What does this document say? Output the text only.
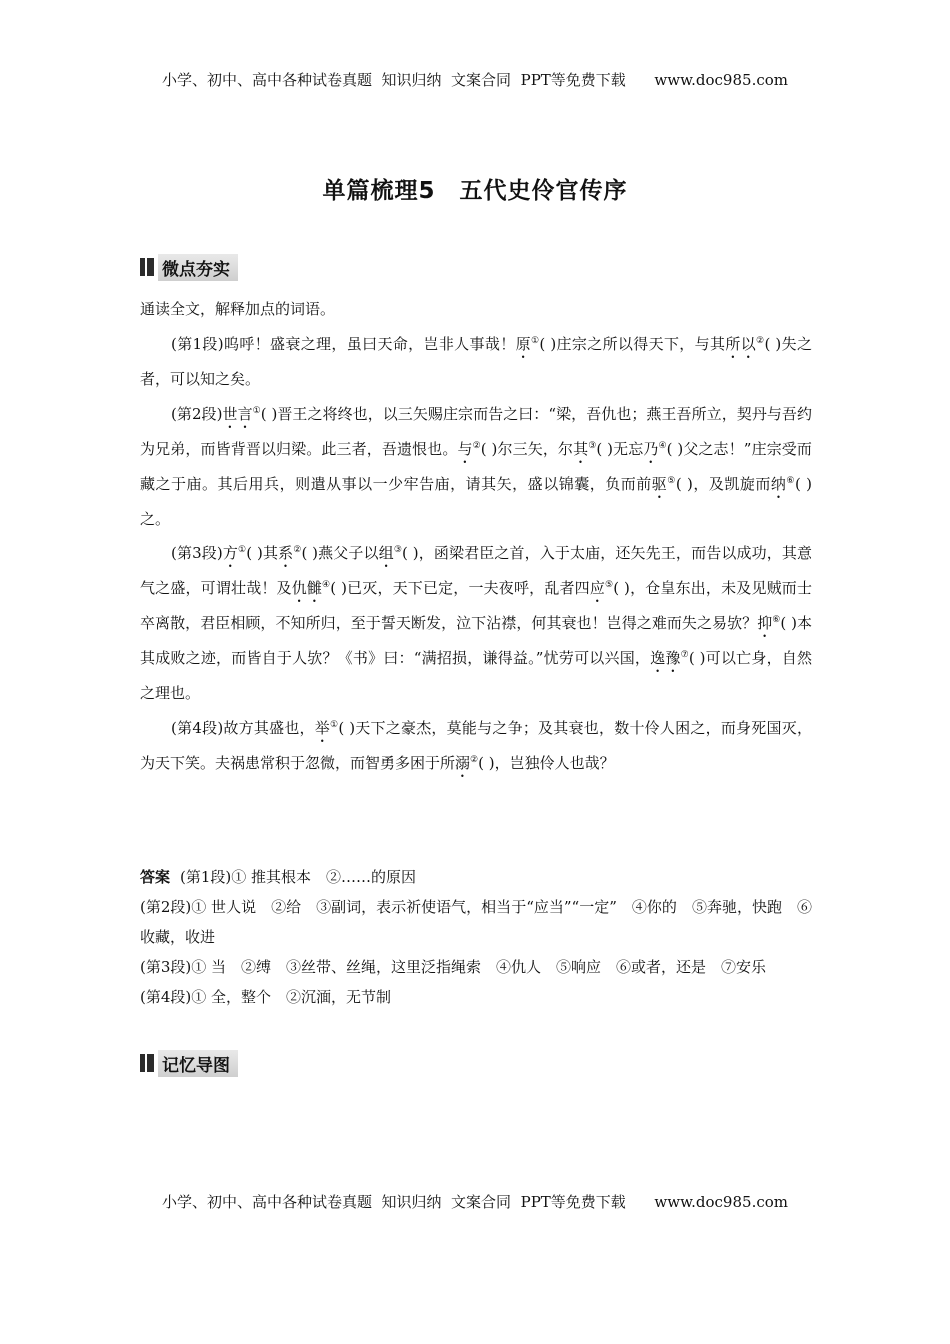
小学、初中、高中各种试卷真题  知识归纳  文案合同  PPT等免费下载      www.doc985.com
单篇梳理5　五代史伶官传序
微点夯实

通读全文，解释加点的词语。

(第1段)呜呼！盛衰之理，虽曰天命，岂非人事哉！原①( )庄宗之所以得天下，与其所以②( )失之者，可以知之矣。

(第2段)世言①( )晋王之将终也，以三矢赐庄宗而告之曰：“梁，吾仇也；燕王吾所立，契丹与吾约为兄弟，而皆背晋以归梁。此三者，吾遗恨也。与②( )尔三矢，尔其③( )无忘乃④( )父之志！”庄宗受而藏之于庙。其后用兵，则遣从事以一少牢告庙，请其矢，盛以锦囊，负而前驱⑤( )，及凯旋而纳⑥( )之。

(第3段)方①( )其系②( )燕父子以组③( )，函梁君臣之首，入于太庙，还矢先王，而告以成功，其意气之盛，可谓壮哉！及仇雠④( )已灭，天下已定，一夫夜呼，乱者四应⑤( )，仓皇东出，未及见贼而士卒离散，君臣相顾，不知所归，至于誓天断发，泣下沾襟，何其衰也！岂得之难而失之易欤？抑⑥( )本其成败之迹，而皆自于人欤？《书》曰：“满招损，谦得益。”忧劳可以兴国，逸豫⑦( )可以亡身，自然之理也。

(第4段)故方其盛也，举①( )天下之豪杰，莫能与之争；及其衰也，数十伶人困之，而身死国灭，为天下笑。夫祸患常积于忽微，而智勇多困于所溺②( )，岂独伶人也哉？

答案 (第1段)① 推其根本　②……的原因

(第2段)① 世人说　②给　③副词，表示祈使语气，相当于“应当”“一定”　④你的　⑤奔驰，快跑　⑥收藏，收进

(第3段)① 当　②缚　③丝带、丝绳，这里泛指绳索　④仇人　⑤响应　⑥或者，还是　⑦安乐

(第4段)① 全，整个　②沉湎，无节制

记忆导图
小学、初中、高中各种试卷真题  知识归纳  文案合同  PPT等免费下载      www.doc985.com
